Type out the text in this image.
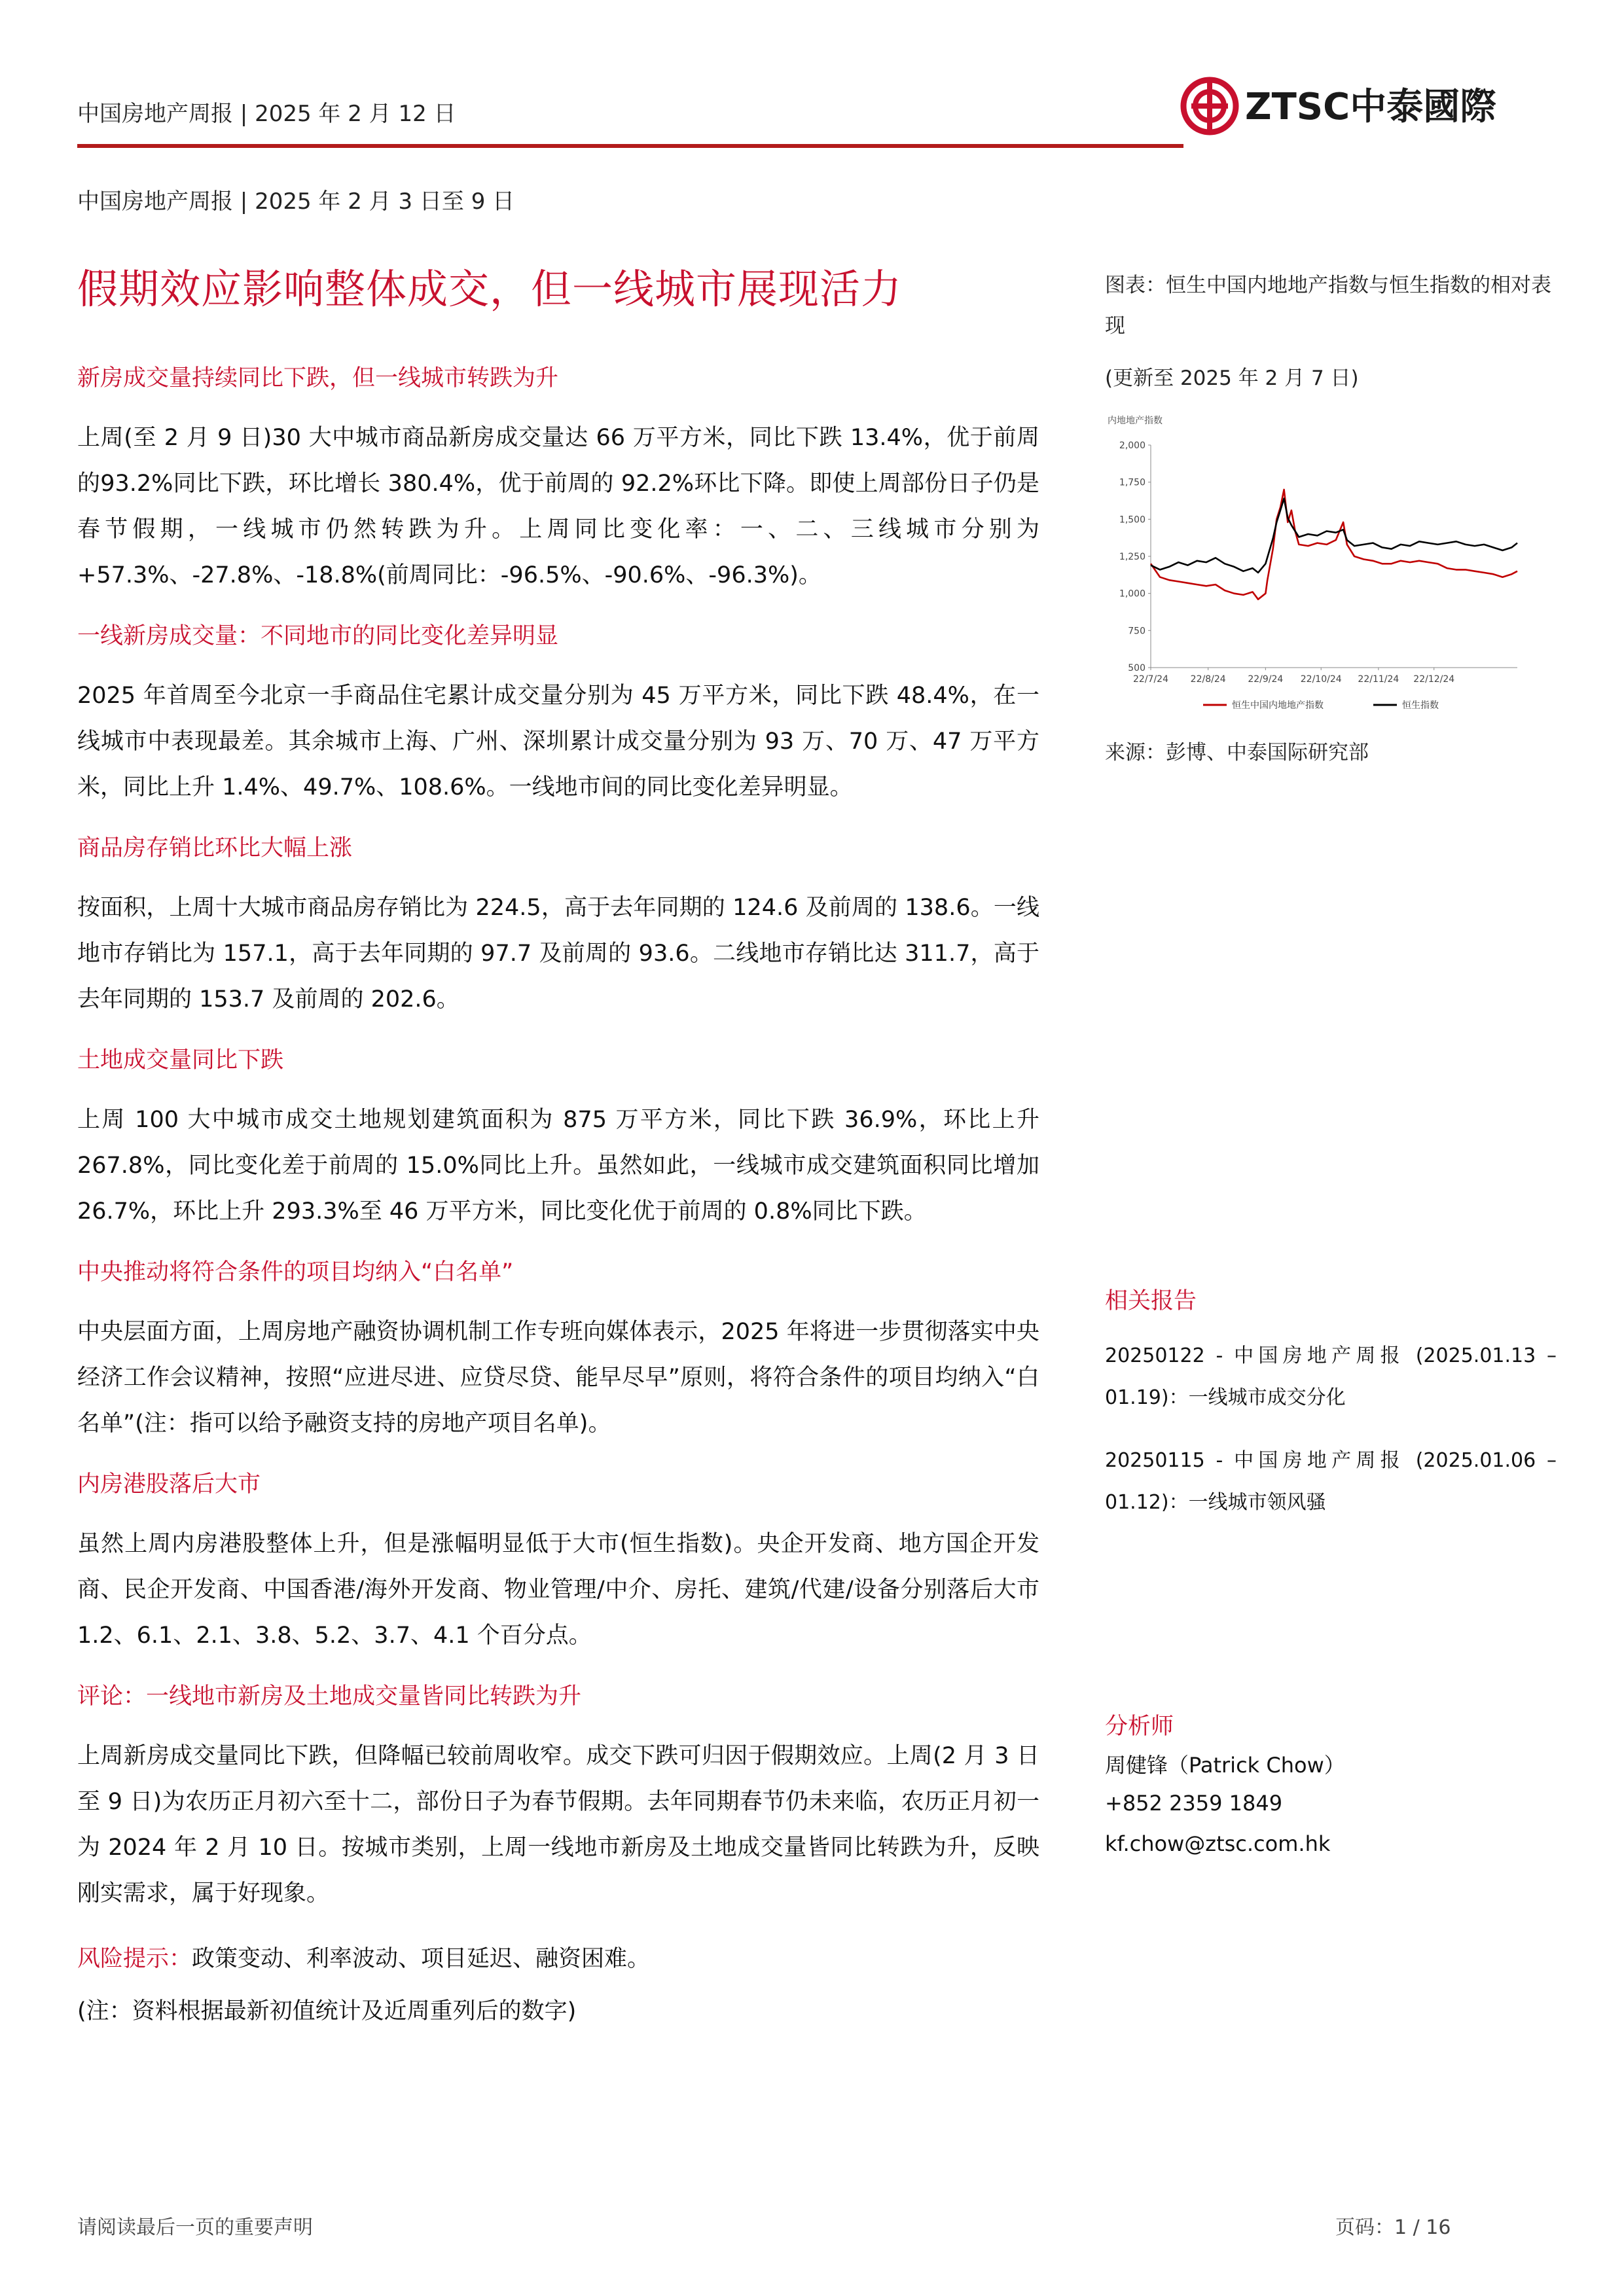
中国房地产周报 | 2025 年 2 月 12 日	ZTSC中泰國際
中国房地产周报 | 2025 年 2 月 3 日至 9 日
假期效应影响整体成交，但一线城市展现活力
新房成交量持续同比下跌，但一线城市转跌为升

上周(至 2 月 9 日)30 大中城市商品新房成交量达 66 万平方米，同比下跌 13.4%，优于前周的93.2%同比下跌，环比增长 380.4%，优于前周的 92.2%环比下降。即使上周部份日子仍是春节假期，一线城市仍然转跌为升。上周同比变化率：一、二、三线城市分别为+57.3%、-27.8%、-18.8%(前周同比：-96.5%、-90.6%、-96.3%)。

一线新房成交量：不同地市的同比变化差异明显

2025 年首周至今北京一手商品住宅累计成交量分别为 45 万平方米，同比下跌 48.4%，在一线城市中表现最差。其余城市上海、广州、深圳累计成交量分别为 93 万、70 万、47 万平方米，同比上升 1.4%、49.7%、108.6%。一线地市间的同比变化差异明显。

商品房存销比环比大幅上涨

按面积，上周十大城市商品房存销比为 224.5，高于去年同期的 124.6 及前周的 138.6。一线地市存销比为 157.1，高于去年同期的 97.7 及前周的 93.6。二线地市存销比达 311.7，高于去年同期的 153.7 及前周的 202.6。

土地成交量同比下跌

上周 100 大中城市成交土地规划建筑面积为 875 万平方米，同比下跌 36.9%，环比上升 267.8%，同比变化差于前周的 15.0%同比上升。虽然如此，一线城市成交建筑面积同比增加 26.7%，环比上升 293.3%至 46 万平方米，同比变化优于前周的 0.8%同比下跌。

中央推动将符合条件的项目均纳入“白名单”

中央层面方面，上周房地产融资协调机制工作专班向媒体表示，2025 年将进一步贯彻落实中央经济工作会议精神，按照“应进尽进、应贷尽贷、能早尽早”原则，将符合条件的项目均纳入“白名单”(注：指可以给予融资支持的房地产项目名单)。

内房港股落后大市

虽然上周内房港股整体上升，但是涨幅明显低于大市(恒生指数)。央企开发商、地方国企开发商、民企开发商、中国香港/海外开发商、物业管理/中介、房托、建筑/代建/设备分别落后大市 1.2、6.1、2.1、3.8、5.2、3.7、4.1 个百分点。

评论：一线地市新房及土地成交量皆同比转跌为升

上周新房成交量同比下跌，但降幅已较前周收窄。成交下跌可归因于假期效应。上周(2 月 3 日至 9 日)为农历正月初六至十二，部份日子为春节假期。去年同期春节仍未来临，农历正月初一为 2024 年 2 月 10 日。按城市类别，上周一线地市新房及土地成交量皆同比转跌为升，反映刚实需求，属于好现象。

风险提示：政策变动、利率波动、项目延迟、融资困难。

(注：资料根据最新初值统计及近周重列后的数字)

图表：恒生中国内地地产指数与恒生指数的相对表现

(更新至 2025 年 2 月 7 日)

内地地产指数
2,000
1,750
1,500
1,250
1,000
750
500
22/7/24 22/8/24 22/9/24 22/10/24 22/11/24 22/12/24
恒生中国内地地产指数	恒生指数
来源：彭博、中泰国际研究部
相关报告
20250122 - 中国房地产周报 (2025.01.13 – 01.19)：一线城市成交分化
20250115 - 中国房地产周报 (2025.01.06 – 01.12)：一线城市领风骚
分析师
周健锋（Patrick Chow）
+852 2359 1849
kf.chow@ztsc.com.hk
请阅读最后一页的重要声明	页码：1 / 16
